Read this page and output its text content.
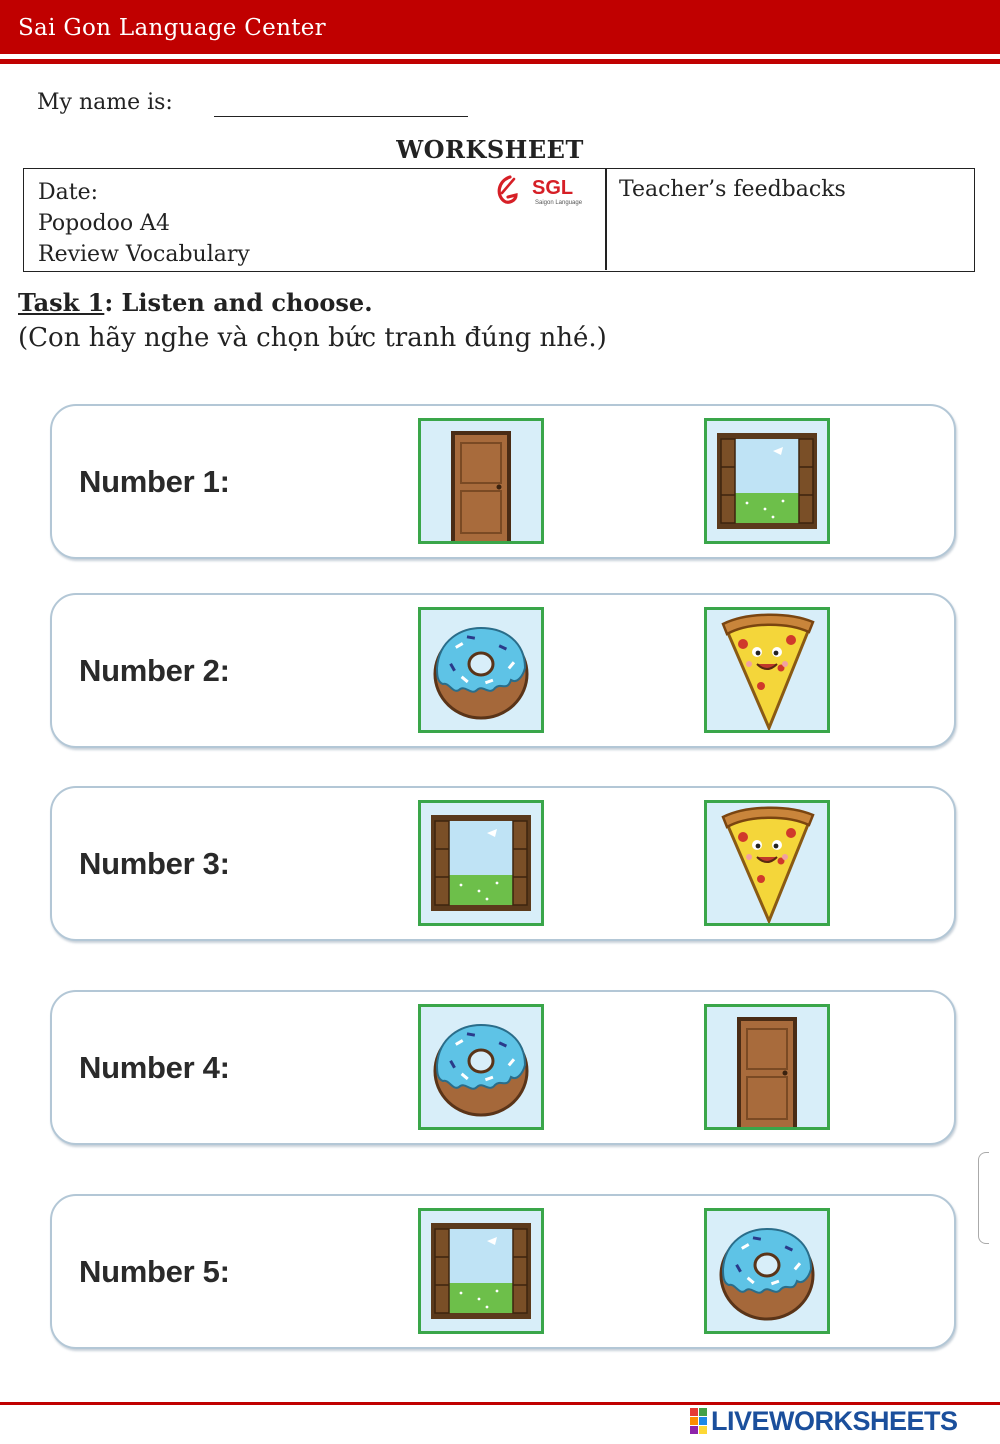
Sai Gon Language Center
My name is:
WORKSHEET
Date:
Popodoo A4
Review Vocabulary
SGL
Saigon Language
Teacher’s feedbacks
Task 1: Listen and choose.
(Con hãy nghe và chọn bức tranh đúng nhé.)
Number 1:
Number 2:
Number 3:
Number 4:
Number 5:
LIVEWORKSHEETS
